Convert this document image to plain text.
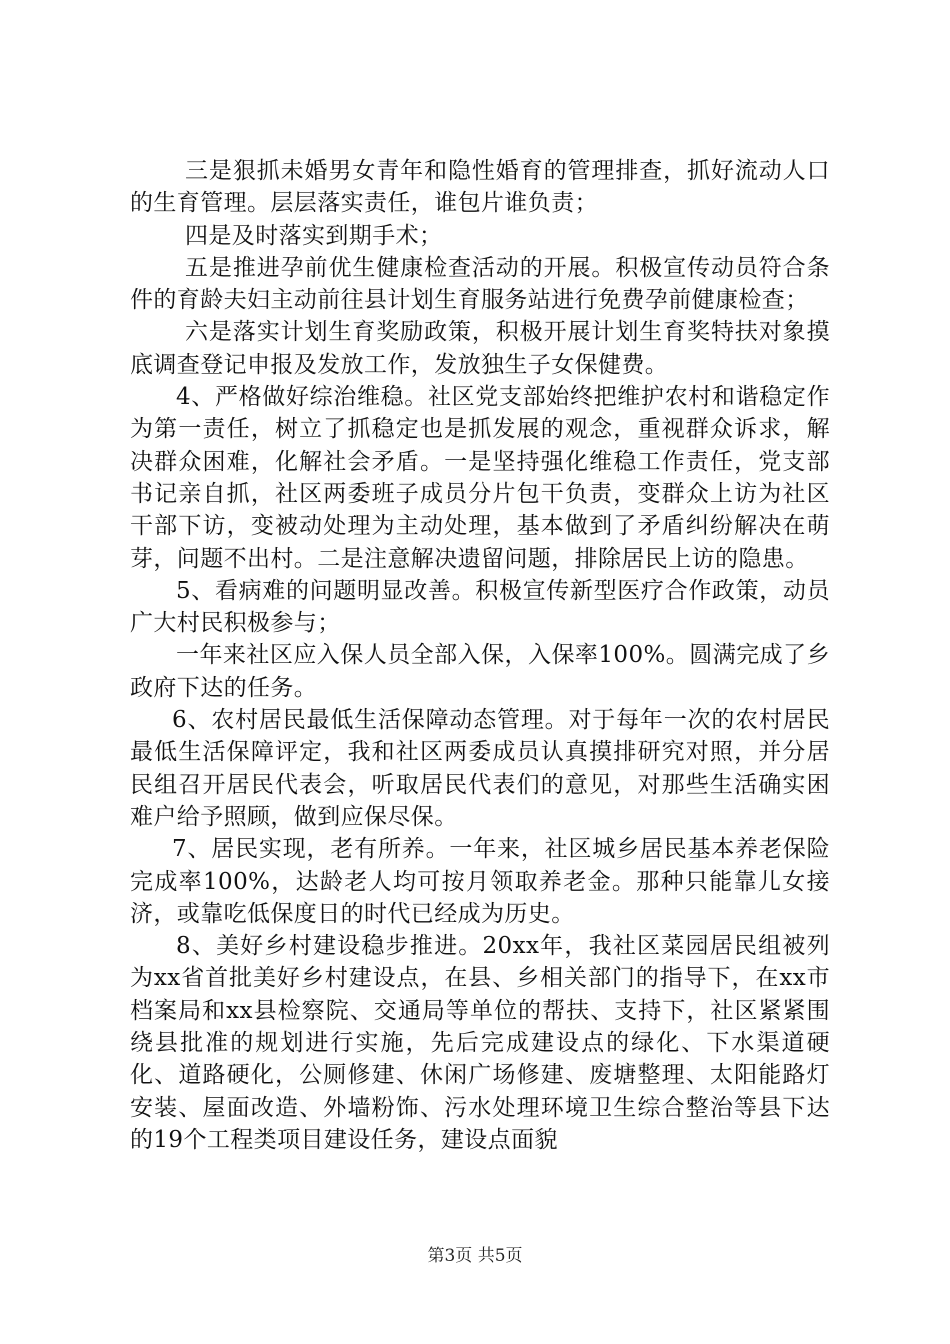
三是狠抓未婚男女青年和隐性婚育的管理排查，抓好流动人口的生育管理。层层落实责任，谁包片谁负责；

四是及时落实到期手术；

五是推进孕前优生健康检查活动的开展。积极宣传动员符合条件的育龄夫妇主动前往县计划生育服务站进行免费孕前健康检查；

六是落实计划生育奖励政策，积极开展计划生育奖特扶对象摸底调查登记申报及发放工作，发放独生子女保健费。

4、严格做好综治维稳。社区党支部始终把维护农村和谐稳定作为第一责任，树立了抓稳定也是抓发展的观念，重视群众诉求，解决群众困难，化解社会矛盾。一是坚持强化维稳工作责任，党支部书记亲自抓，社区两委班子成员分片包干负责，变群众上访为社区干部下访，变被动处理为主动处理，基本做到了矛盾纠纷解决在萌芽，问题不出村。二是注意解决遗留问题，排除居民上访的隐患。

5、看病难的问题明显改善。积极宣传新型医疗合作政策，动员广大村民积极参与；

一年来社区应入保人员全部入保，入保率100%。圆满完成了乡政府下达的任务。

6、农村居民最低生活保障动态管理。对于每年一次的农村居民最低生活保障评定，我和社区两委成员认真摸排研究对照，并分居民组召开居民代表会，听取居民代表们的意见，对那些生活确实困难户给予照顾，做到应保尽保。

7、居民实现，老有所养。一年来，社区城乡居民基本养老保险完成率100%，达龄老人均可按月领取养老金。那种只能靠儿女接济，或靠吃低保度日的时代已经成为历史。

8、美好乡村建设稳步推进。20xx年，我社区菜园居民组被列为xx省首批美好乡村建设点，在县、乡相关部门的指导下，在xx市档案局和xx县检察院、交通局等单位的帮扶、支持下，社区紧紧围绕县批准的规划进行实施，先后完成建设点的绿化、下水渠道硬化、道路硬化，公厕修建、休闲广场修建、废塘整理、太阳能路灯安装、屋面改造、外墙粉饰、污水处理环境卫生综合整治等县下达的19个工程类项目建设任务，建设点面貌

第3页 共5页
